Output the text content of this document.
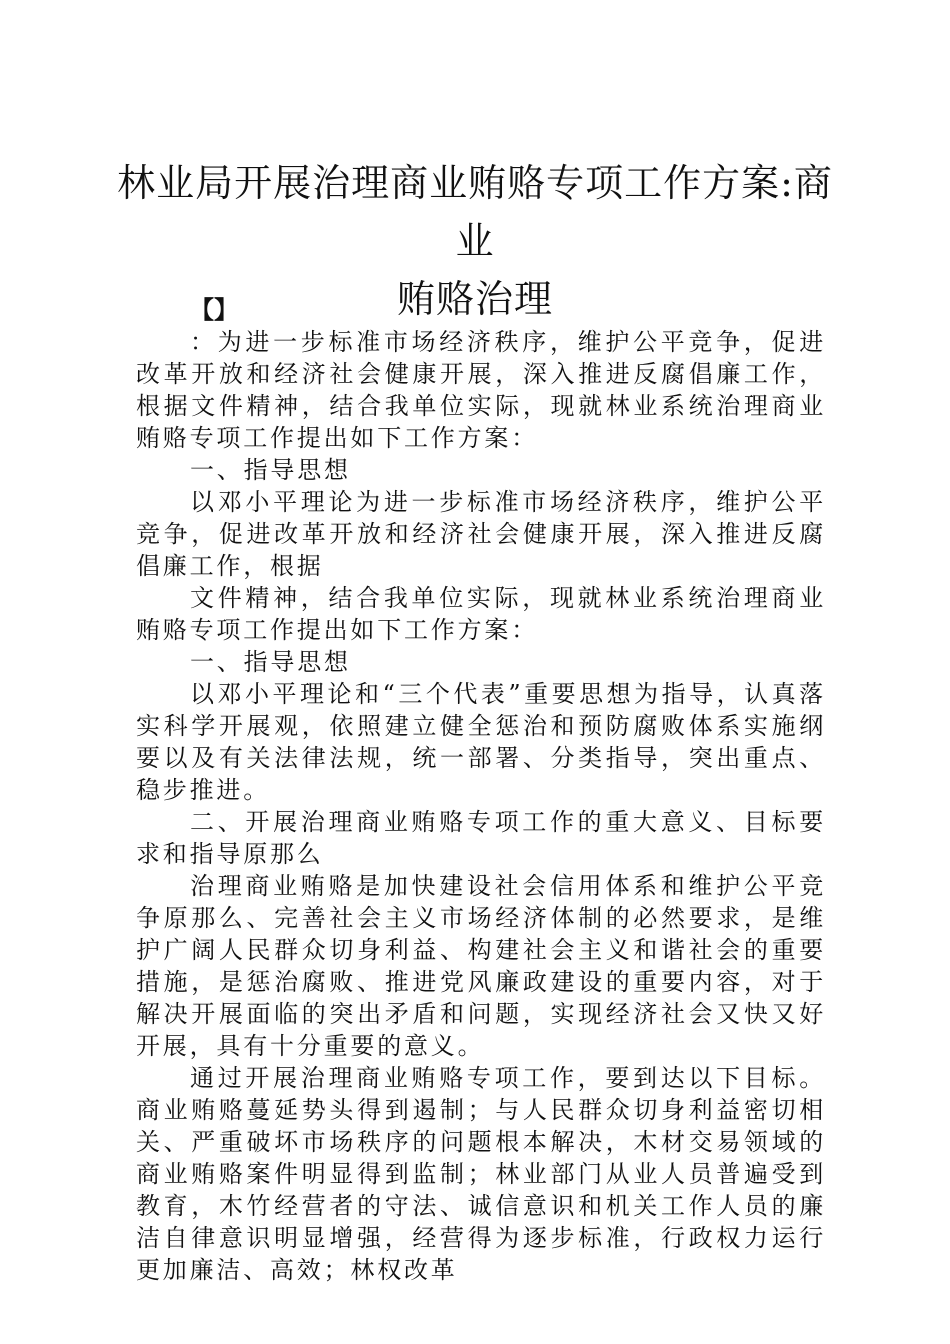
林业局开展治理商业贿赂专项工作方案:商业
贿赂治理

【】

：为进一步标准市场经济秩序，维护公平竞争，促进改革开放和经济社会健康开展，深入推进反腐倡廉工作，根据文件精神，结合我单位实际，现就林业系统治理商业贿赂专项工作提出如下工作方案：

一、指导思想

以邓小平理论为进一步标准市场经济秩序，维护公平竞争，促进改革开放和经济社会健康开展，深入推进反腐倡廉工作，根据

文件精神，结合我单位实际，现就林业系统治理商业贿赂专项工作提出如下工作方案：

一、指导思想

以邓小平理论和“三个代表”重要思想为指导，认真落实科学开展观，依照建立健全惩治和预防腐败体系实施纲要以及有关法律法规，统一部署、分类指导，突出重点、稳步推进。

二、开展治理商业贿赂专项工作的重大意义、目标要求和指导原那么

治理商业贿赂是加快建设社会信用体系和维护公平竞争原那么、完善社会主义市场经济体制的必然要求，是维护广阔人民群众切身利益、构建社会主义和谐社会的重要措施，是惩治腐败、推进党风廉政建设的重要内容，对于解决开展面临的突出矛盾和问题，实现经济社会又快又好开展，具有十分重要的意义。

通过开展治理商业贿赂专项工作，要到达以下目标。商业贿赂蔓延势头得到遏制；与人民群众切身利益密切相关、严重破坏市场秩序的问题根本解决，木材交易领域的商业贿赂案件明显得到监制；林业部门从业人员普遍受到教育，木竹经营者的守法、诚信意识和机关工作人员的廉洁自律意识明显增强，经营得为逐步标准，行政权力运行更加廉洁、高效；林权改革
